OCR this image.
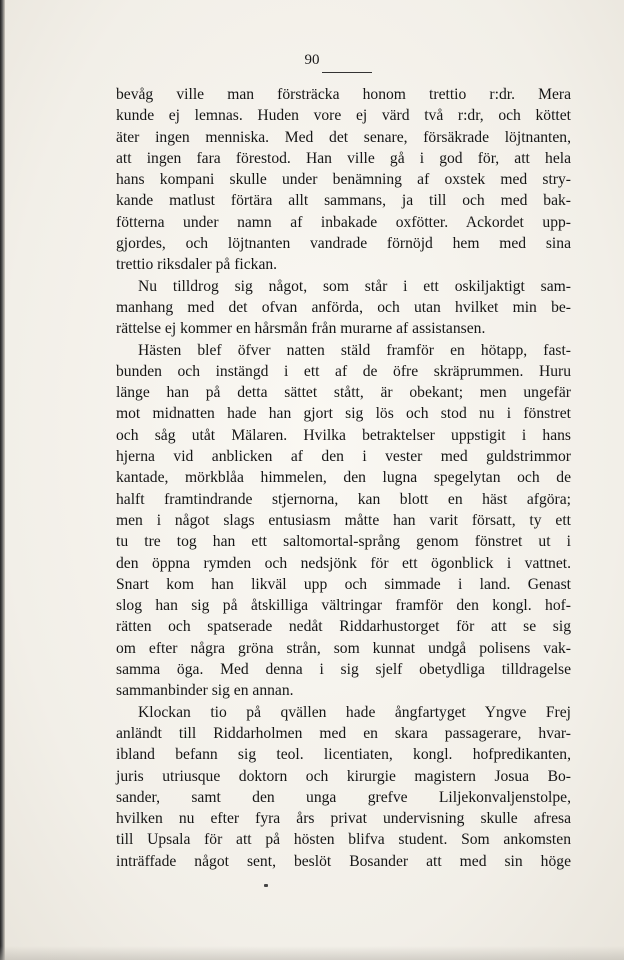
90
bevåg ville man försträcka honom trettio r:dr. Mera
kunde ej lemnas. Huden vore ej värd två r:dr, och köttet
äter ingen menniska. Med det senare, försäkrade löjtnanten,
att ingen fara förestod. Han ville gå i god för, att hela
hans kompani skulle under benämning af oxstek med stry-
kande matlust förtära allt sammans, ja till och med bak-
fötterna under namn af inbakade oxfötter. Ackordet upp-
gjordes, och löjtnanten vandrade förnöjd hem med sina
trettio riksdaler på fickan.
Nu tilldrog sig något, som står i ett oskiljaktigt sam-
manhang med det ofvan anförda, och utan hvilket min be-
rättelse ej kommer en hårsmån från murarne af assistansen.
Hästen blef öfver natten stäld framför en hötapp, fast-
bunden och instängd i ett af de öfre skräprummen. Huru
länge han på detta sättet stått, är obekant; men ungefär
mot midnatten hade han gjort sig lös och stod nu i fönstret
och såg utåt Mälaren. Hvilka betraktelser uppstigit i hans
hjerna vid anblicken af den i vester med guldstrimmor
kantade, mörkblåa himmelen, den lugna spegelytan och de
halft framtindrande stjernorna, kan blott en häst afgöra;
men i något slags entusiasm måtte han varit försatt, ty ett
tu tre tog han ett saltomortal-språng genom fönstret ut i
den öppna rymden och nedsjönk för ett ögonblick i vattnet.
Snart kom han likväl upp och simmade i land. Genast
slog han sig på åtskilliga vältringar framför den kongl. hof-
rätten och spatserade nedåt Riddarhustorget för att se sig
om efter några gröna strån, som kunnat undgå polisens vak-
samma öga. Med denna i sig sjelf obetydliga tilldragelse
sammanbinder sig en annan.
Klockan tio på qvällen hade ångfartyget Yngve Frej
anländt till Riddarholmen med en skara passagerare, hvar-
ibland befann sig teol. licentiaten, kongl. hofpredikanten,
juris utriusque doktorn och kirurgie magistern Josua Bo-
sander, samt den unga grefve Liljekonvaljenstolpe,
hvilken nu efter fyra års privat undervisning skulle afresa
till Upsala för att på hösten blifva student. Som ankomsten
inträffade något sent, beslöt Bosander att med sin höge
